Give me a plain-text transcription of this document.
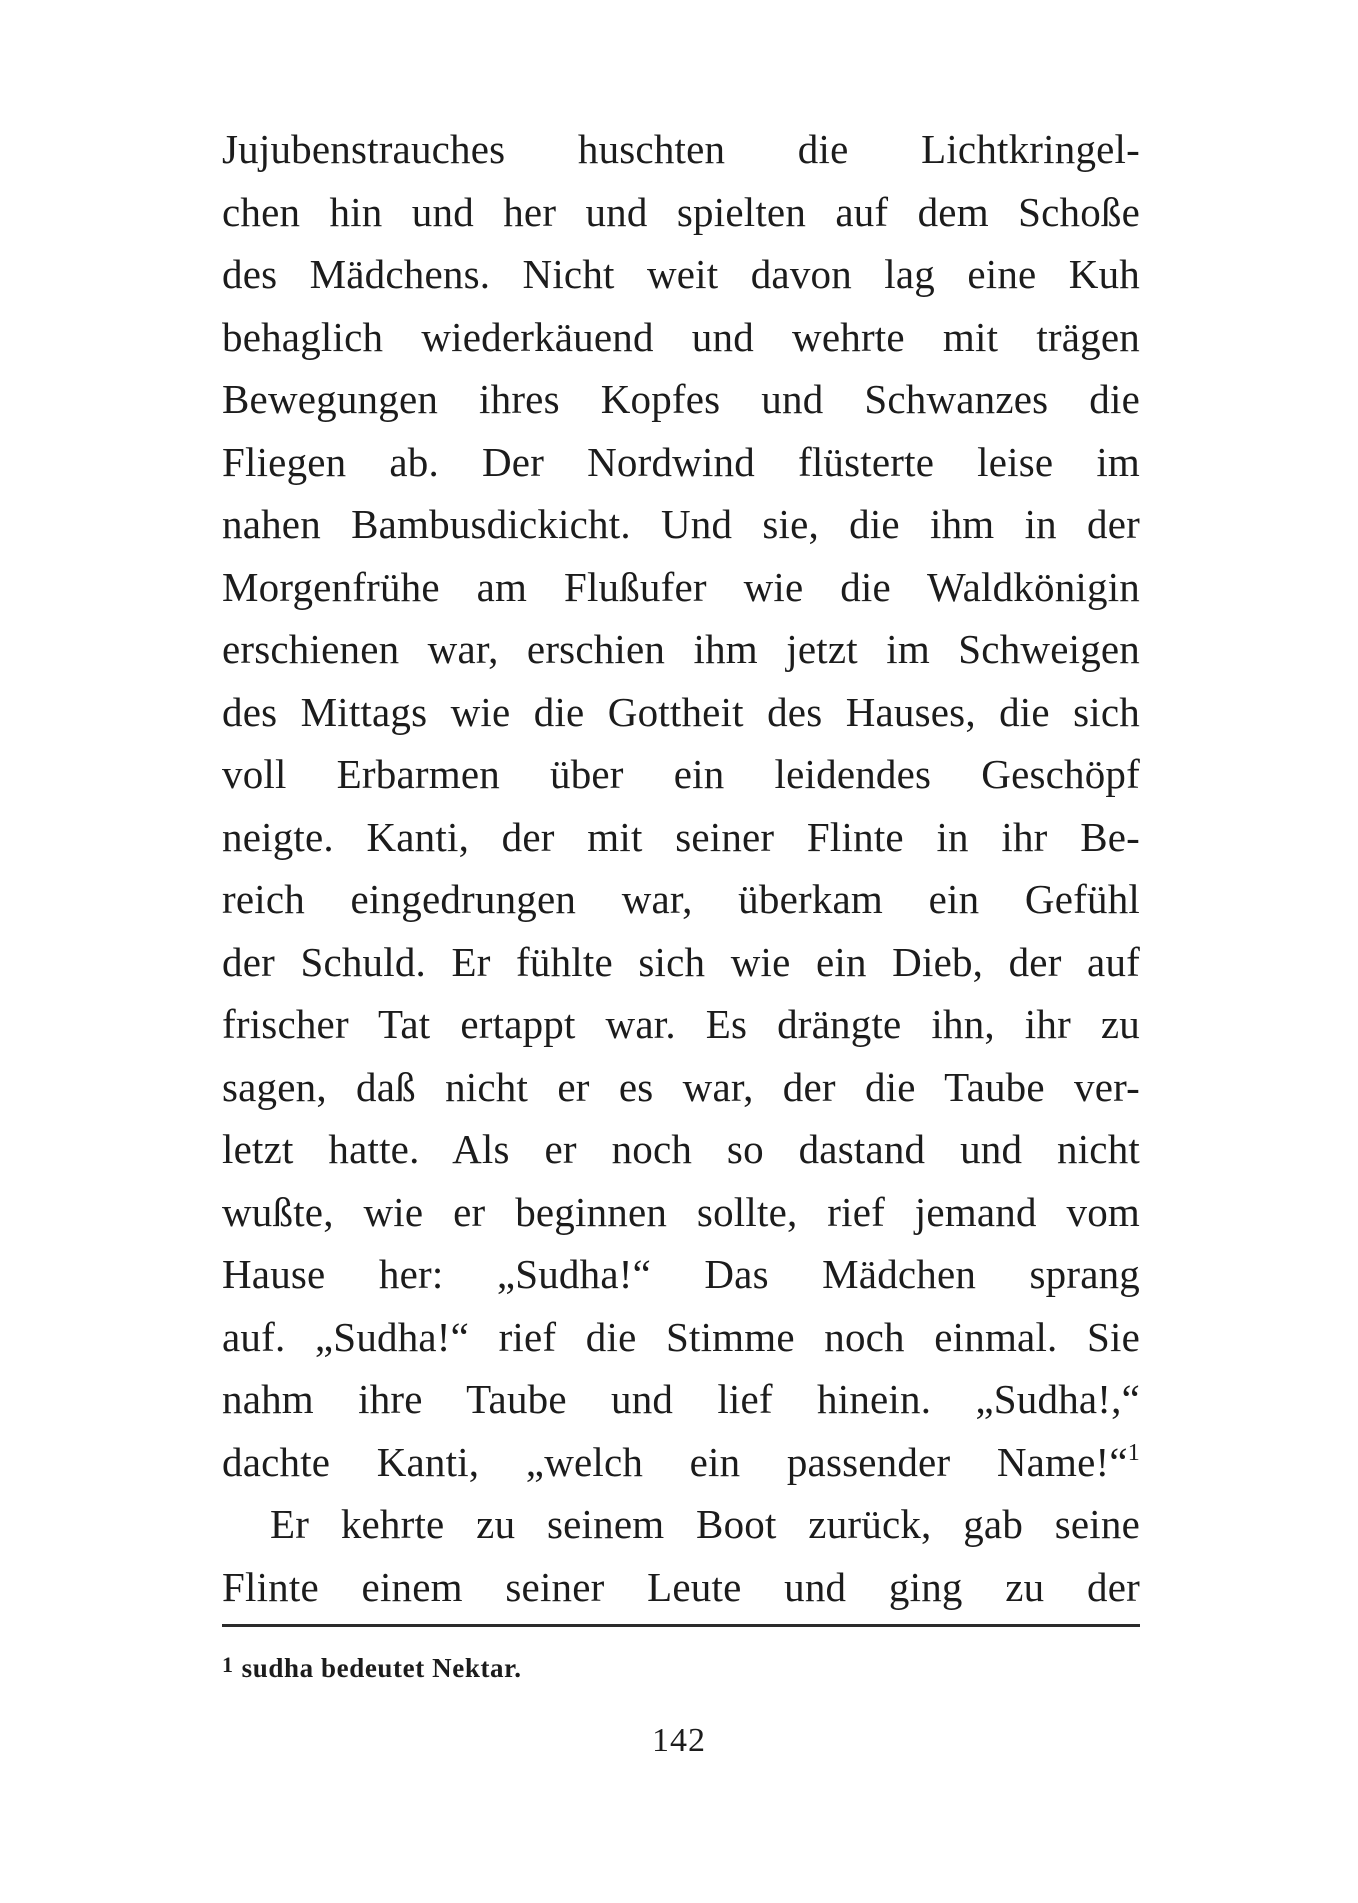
Jujubenstrauches huschten die Lichtkringel-
chen hin und her und spielten auf dem Schoße
des Mädchens. Nicht weit davon lag eine Kuh
behaglich wiederkäuend und wehrte mit trägen
Bewegungen ihres Kopfes und Schwanzes die
Fliegen ab. Der Nordwind flüsterte leise im
nahen Bambusdickicht. Und sie, die ihm in der
Morgenfrühe am Flußufer wie die Waldkönigin
erschienen war, erschien ihm jetzt im Schweigen
des Mittags wie die Gottheit des Hauses, die sich
voll Erbarmen über ein leidendes Geschöpf
neigte. Kanti, der mit seiner Flinte in ihr Be-
reich eingedrungen war, überkam ein Gefühl
der Schuld. Er fühlte sich wie ein Dieb, der auf
frischer Tat ertappt war. Es drängte ihn, ihr zu
sagen, daß nicht er es war, der die Taube ver-
letzt hatte. Als er noch so dastand und nicht
wußte, wie er beginnen sollte, rief jemand vom
Hause her: „Sudha!“ Das Mädchen sprang
auf. „Sudha!“ rief die Stimme noch einmal. Sie
nahm ihre Taube und lief hinein. „Sudha!,“
dachte Kanti, „welch ein passender Name!“$^1$
Er kehrte zu seinem Boot zurück, gab seine
Flinte einem seiner Leute und ging zu der
1 sudha bedeutet Nektar.
142
